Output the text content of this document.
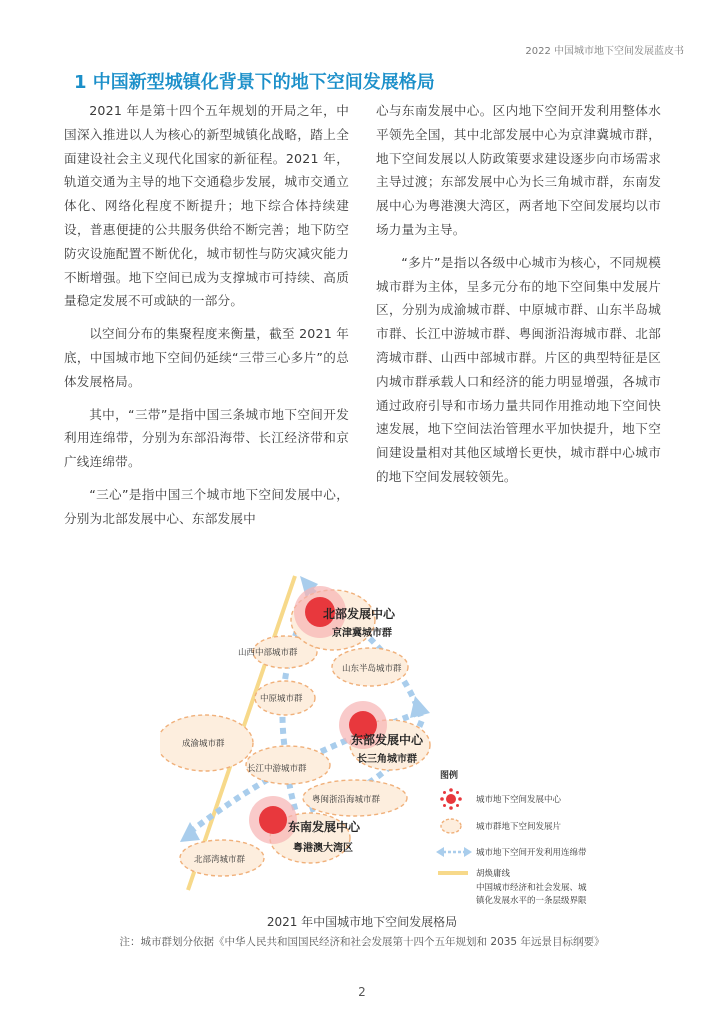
2022 中国城市地下空间发展蓝皮书
1 中国新型城镇化背景下的地下空间发展格局

2021 年是第十四个五年规划的开局之年，中国深入推进以人为核心的新型城镇化战略，踏上全面建设社会主义现代化国家的新征程。2021 年，轨道交通为主导的地下交通稳步发展，城市交通立体化、网络化程度不断提升；地下综合体持续建设，普惠便捷的公共服务供给不断完善；地下防空防灾设施配置不断优化，城市韧性与防灾减灾能力不断增强。地下空间已成为支撑城市可持续、高质量稳定发展不可或缺的一部分。

以空间分布的集聚程度来衡量，截至 2021 年底，中国城市地下空间仍延续“三带三心多片”的总体发展格局。

其中，“三带”是指中国三条城市地下空间开发利用连绵带，分别为东部沿海带、长江经济带和京广线连绵带。

“三心”是指中国三个城市地下空间发展中心，分别为北部发展中心、东部发展中

心与东南发展中心。区内地下空间开发利用整体水平领先全国，其中北部发展中心为京津冀城市群，地下空间发展以人防政策要求建设逐步向市场需求主导过渡；东部发展中心为长三角城市群，东南发展中心为粤港澳大湾区，两者地下空间发展均以市场力量为主导。

“多片”是指以各级中心城市为核心，不同规模城市群为主体，呈多元分布的地下空间集中发展片区，分别为成渝城市群、中原城市群、山东半岛城市群、长江中游城市群、粤闽浙沿海城市群、北部湾城市群、山西中部城市群。片区的典型特征是区内城市群承载人口和经济的能力明显增强，各城市通过政府引导和市场力量共同作用推动地下空间快速发展，地下空间法治管理水平加快提升，地下空间建设量相对其他区域增长更快，城市群中心城市的地下空间发展较领先。

北部发展中心
京津冀城市群
东部发展中心
长三角城市群
东南发展中心
粤港澳大湾区
山西中部城市群
山东半岛城市群
中原城市群
成渝城市群
长江中游城市群
粤闽浙沿海城市群
北部湾城市群
图例
城市地下空间发展中心
城市群地下空间发展片
城市地下空间开发利用连绵带
胡焕庸线
中国城市经济和社会发展、城
镇化发展水平的一条层级界限
2021 年中国城市地下空间发展格局
注：城市群划分依据《中华人民共和国国民经济和社会发展第十四个五年规划和 2035 年远景目标纲要》
2
